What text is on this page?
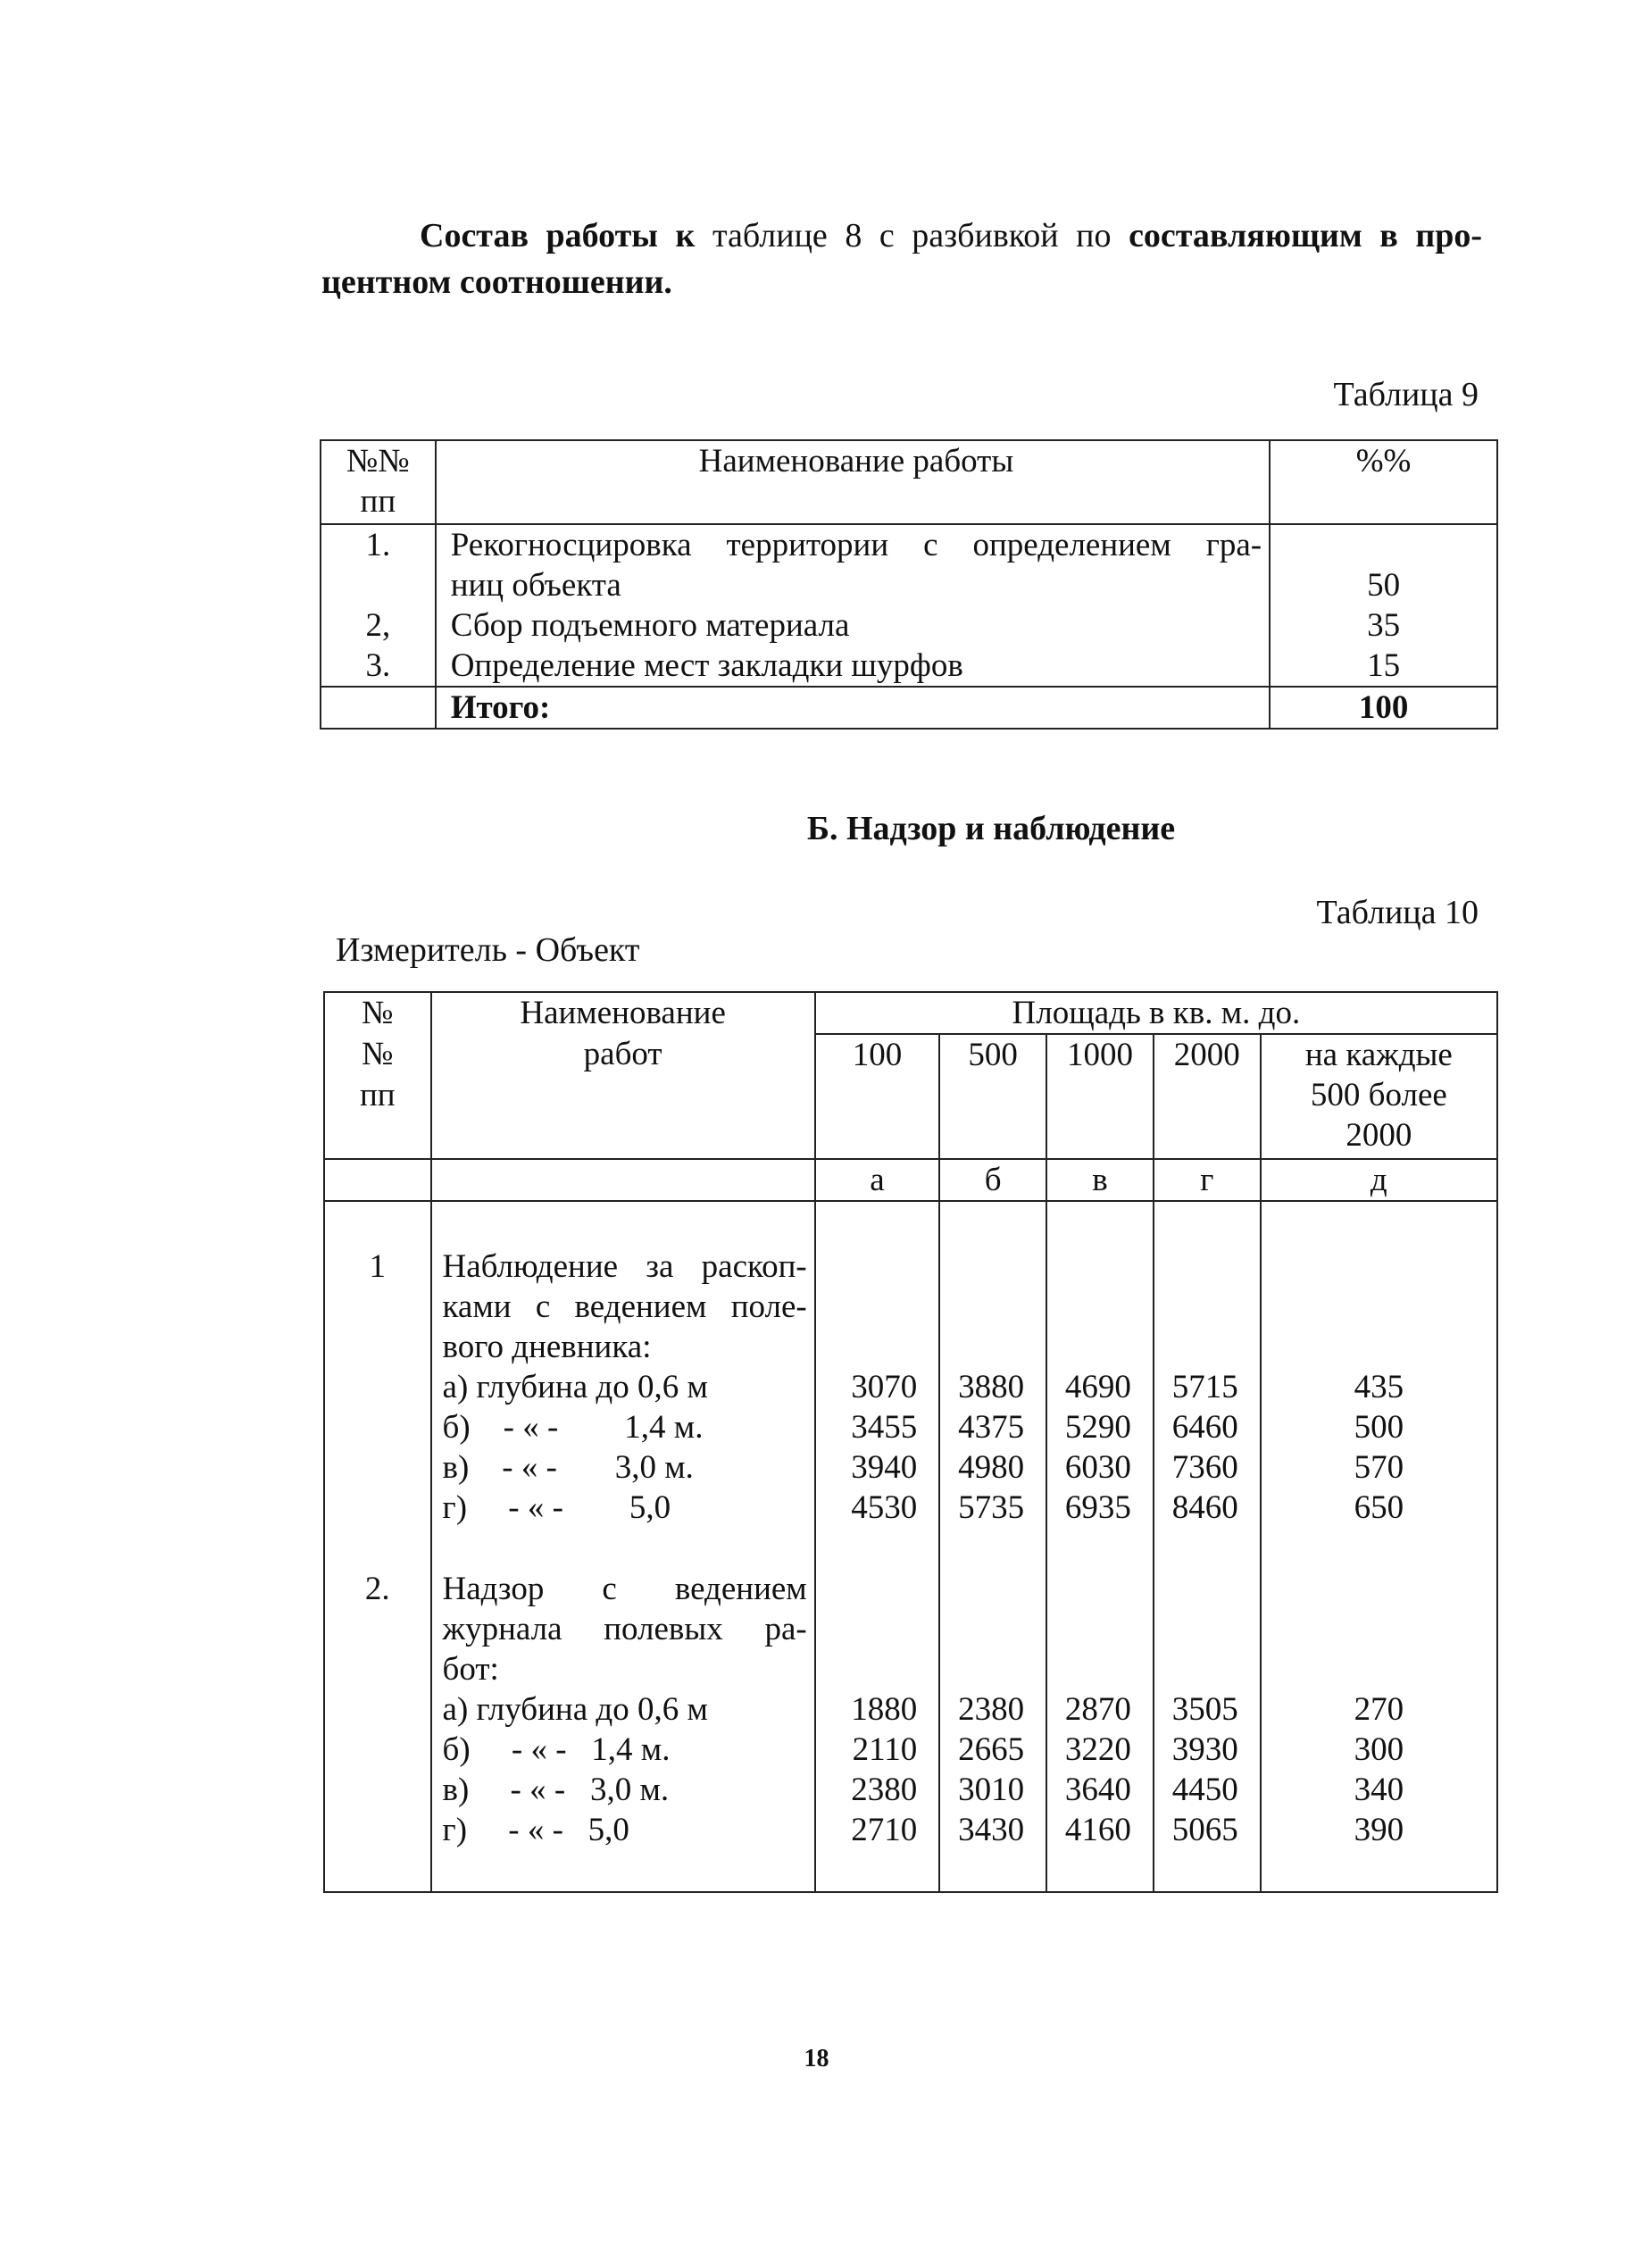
Состав работы к таблице 8 с разбивкой по составляющим в про-
центном соотношении.
Таблица 9
№№ пп	Наименование работы	%%
1.	Рекогносцировка территории с определением гра-
ниц объекта	50
2,	Сбор подъемного материала	35
3.	Определение мест закладки шурфов	15
	Итого:	100
Б. Надзор и наблюдение
Таблица 10
Измеритель - Объект
№№ пп	Наименование работ	Площадь в кв. м. до.				
		100	500	1000	2000	на каждые 500 более 2000

		а	б	в	г	д
1	Наблюдение за раскоп-
ками с ведением поле-
вого дневника:					
	а) глубина до 0,6 м	3070	3880	4690	5715	435
	б)    - « -        1,4 м.	3455	4375	5290	6460	500
	в)    - « -       3,0 м.	3940	4980	6030	7360	570
	г)     - « -        5,0	4530	5735	6935	8460	650
2.	Надзор с ведением
журнала полевых ра-
бот:					
	а) глубина до 0,6 м	1880	2380	2870	3505	270
	б)     - « -   1,4 м.	2110	2665	3220	3930	300
	в)     - « -   3,0 м.	2380	3010	3640	4450	340
	г)     - « -   5,0	2710	3430	4160	5065	390

18
